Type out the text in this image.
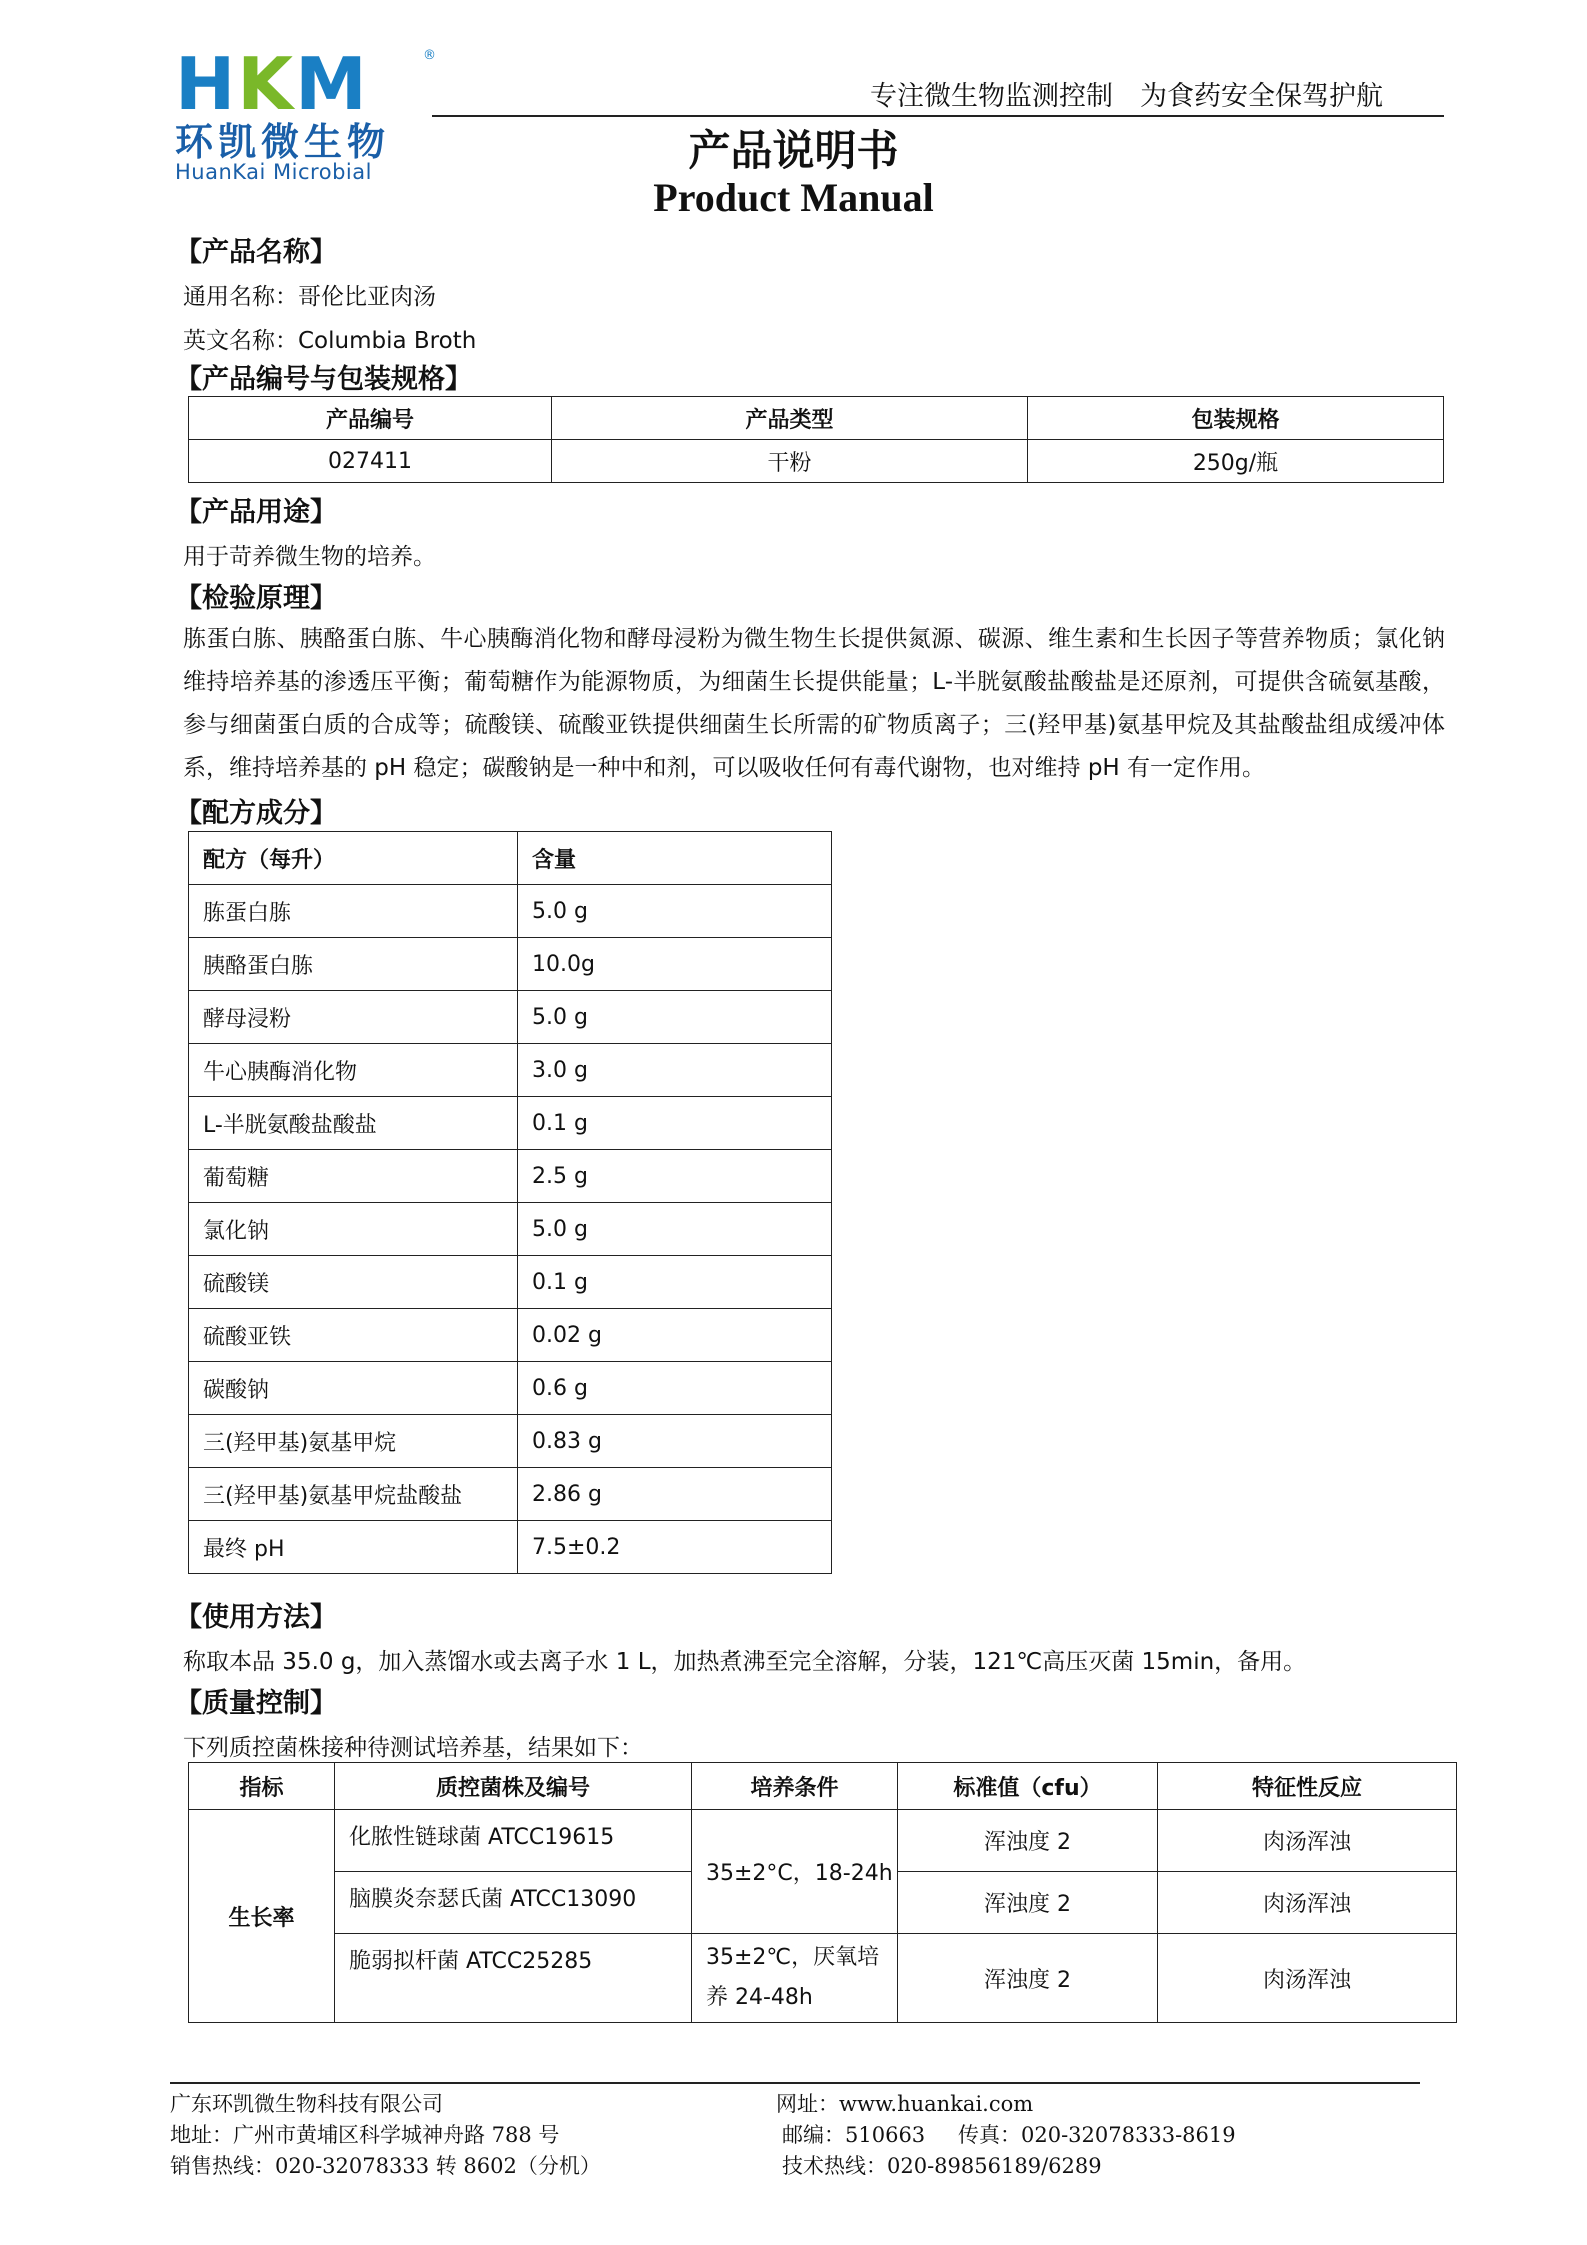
H K M	®
环凯微生物
HuanKai Microbial
专注微生物监测控制　为食药安全保驾护航
产品说明书
Product Manual
【产品名称】
通用名称：哥伦比亚肉汤
英文名称：Columbia Broth
【产品编号与包装规格】
产品编号	产品类型	包装规格
027411	干粉	250g/瓶
【产品用途】
用于苛养微生物的培养。
【检验原理】
胨蛋白胨、胰酪蛋白胨、牛心胰酶消化物和酵母浸粉为微生物生长提供氮源、碳源、维生素和生长因子等营养物质；氯化钠维持培养基的渗透压平衡；葡萄糖作为能源物质，为细菌生长提供能量；L-半胱氨酸盐酸盐是还原剂，可提供含硫氨基酸，参与细菌蛋白质的合成等；硫酸镁、硫酸亚铁提供细菌生长所需的矿物质离子；三(羟甲基)氨基甲烷及其盐酸盐组成缓冲体系，维持培养基的 pH 稳定；碳酸钠是一种中和剂，可以吸收任何有毒代谢物，也对维持 pH 有一定作用。
【配方成分】
配方（每升）	含量
胨蛋白胨	5.0 g
胰酪蛋白胨	10.0g
酵母浸粉	5.0 g
牛心胰酶消化物	3.0 g
L-半胱氨酸盐酸盐	0.1 g
葡萄糖	2.5 g
氯化钠	5.0 g
硫酸镁	0.1 g
硫酸亚铁	0.02 g
碳酸钠	0.6 g
三(羟甲基)氨基甲烷	0.83 g
三(羟甲基)氨基甲烷盐酸盐	2.86 g
最终 pH	7.5±0.2
【使用方法】
称取本品 35.0 g，加入蒸馏水或去离子水 1 L，加热煮沸至完全溶解，分装，121℃高压灭菌 15min，备用。
【质量控制】
下列质控菌株接种待测试培养基，结果如下：
指标	质控菌株及编号	培养条件	标准值（cfu）	特征性反应
生长率	化脓性链球菌 ATCC19615	35±2°C，18-24h	浑浊度 2	肉汤浑浊
	脑膜炎奈瑟氏菌 ATCC13090		浑浊度 2	肉汤浑浊
	脆弱拟杆菌 ATCC25285	35±2℃，厌氧培养 24-48h	浑浊度 2	肉汤浑浊
广东环凯微生物科技有限公司
地址：广州市黄埔区科学城神舟路 788 号
销售热线：020-32078333 转 8602（分机）
网址：www.huankai.com
邮编：510663 传真：020-32078333-8619
技术热线：020-89856189/6289
